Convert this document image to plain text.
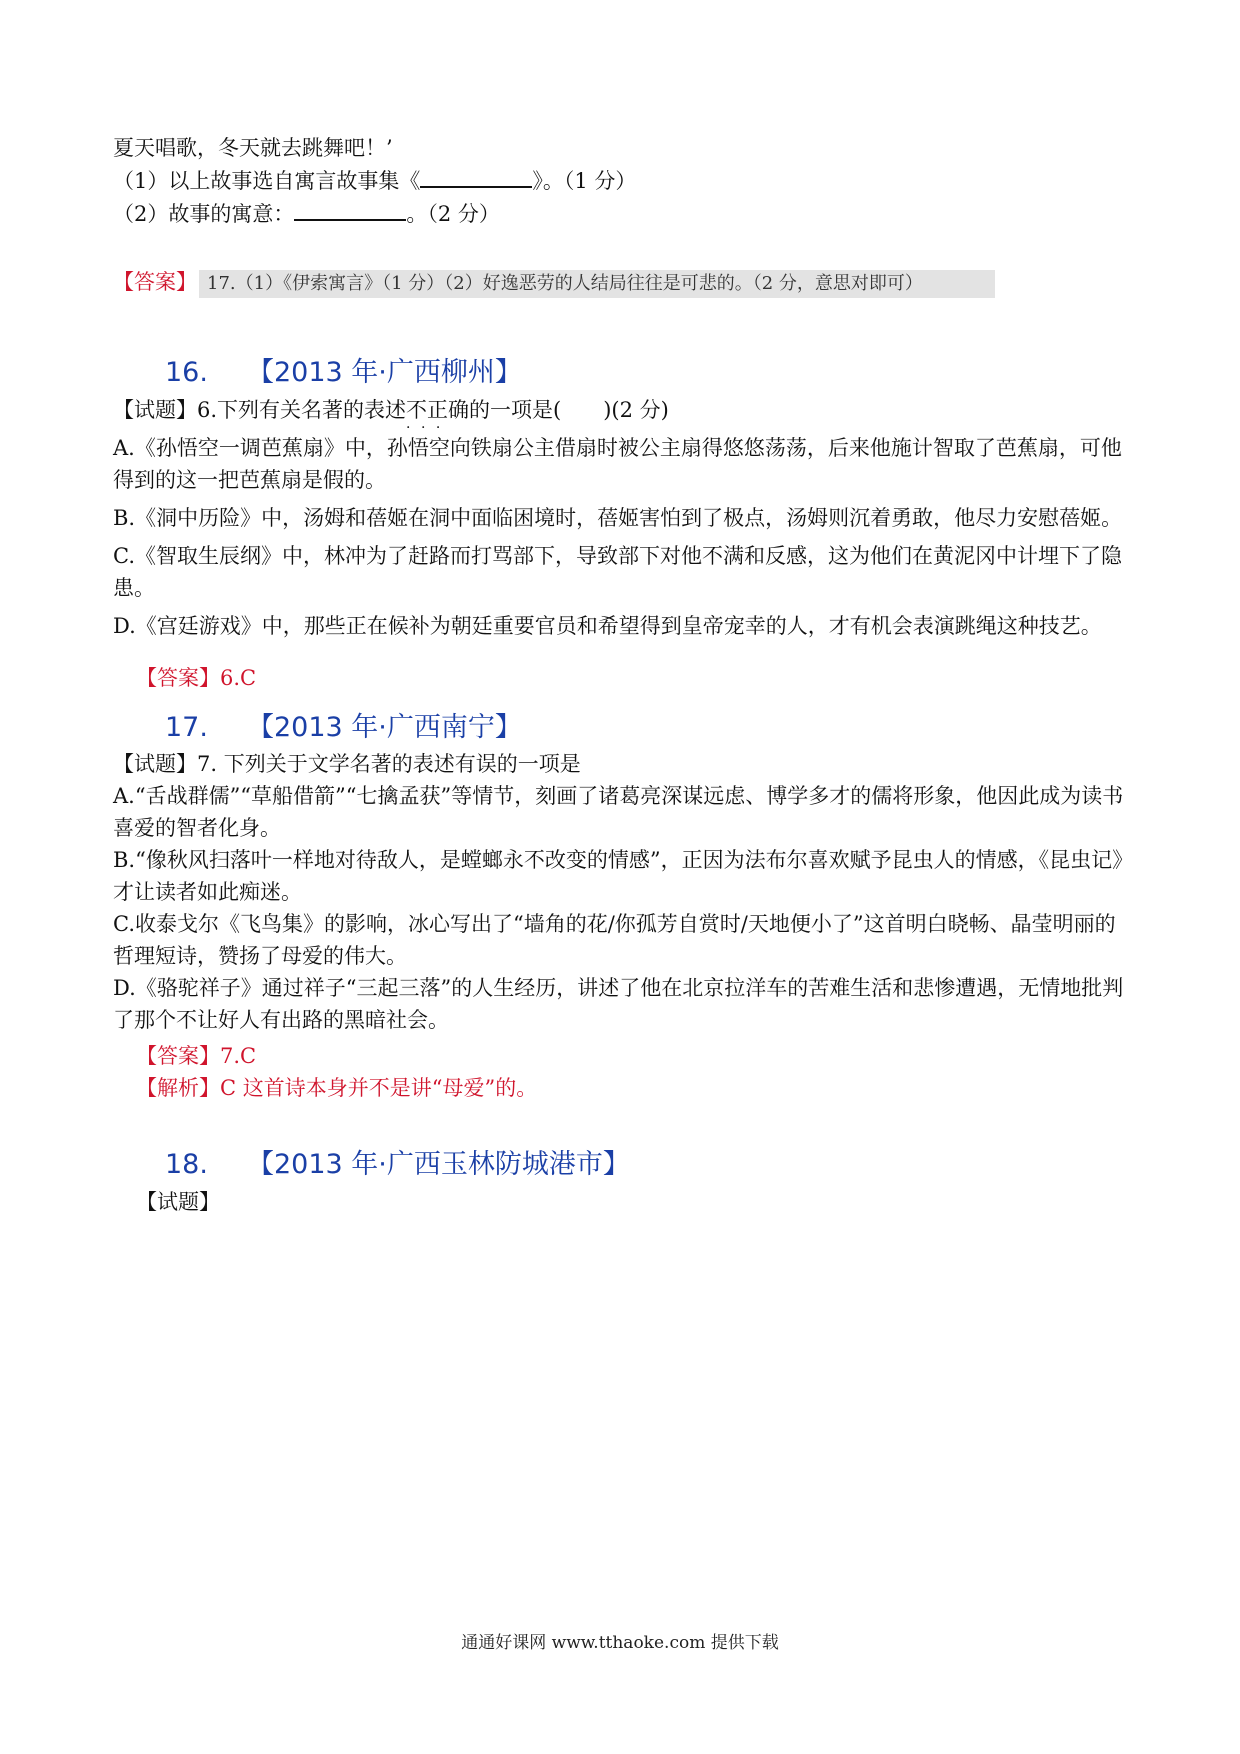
夏天唱歌，冬天就去跳舞吧！’
（1）以上故事选自寓言故事集《	》。（1 分）
（2）故事的寓意：	。（2 分）
【答案】 17.（1）《伊索寓言》（1 分）（2）好逸恶劳的人结局往往是可悲的。（2 分，意思对即可）
16. 【2013 年·广西柳州】
【试题】6.下列有关名著的表述不正确 · · ·的一项是(　　)(2 分)
A.《孙悟空一调芭蕉扇》中，孙悟空向铁扇公主借扇时被公主扇得悠悠荡荡，后来他施计智取了芭蕉扇，可他得到的这一把芭蕉扇是假的。
B.《洞中历险》中，汤姆和蓓姬在洞中面临困境时，蓓姬害怕到了极点，汤姆则沉着勇敢，他尽力安慰蓓姬。
C.《智取生辰纲》中，林冲为了赶路而打骂部下，导致部下对他不满和反感，这为他们在黄泥冈中计埋下了隐患。
D.《宫廷游戏》中，那些正在候补为朝廷重要官员和希望得到皇帝宠幸的人，才有机会表演跳绳这种技艺。
【答案】6.C
17. 【2013 年·广西南宁】
【试题】7. 下列关于文学名著的表述有误的一项是
A.“舌战群儒”“草船借箭”“七擒孟获”等情节，刻画了诸葛亮深谋远虑、博学多才的儒将形象，他因此成为读书喜爱的智者化身。
B.“像秋风扫落叶一样地对待敌人，是螳螂永不改变的情感”，正因为法布尔喜欢赋予昆虫人的情感，《昆虫记》才让读者如此痴迷。
C.收泰戈尔《飞鸟集》的影响，冰心写出了“墙角的花/你孤芳自赏时/天地便小了”这首明白晓畅、晶莹明丽的哲理短诗，赞扬了母爱的伟大。
D.《骆驼祥子》通过祥子“三起三落”的人生经历，讲述了他在北京拉洋车的苦难生活和悲惨遭遇，无情地批判了那个不让好人有出路的黑暗社会。
【答案】7.C
【解析】C 这首诗本身并不是讲“母爱”的。
18. 【2013 年·广西玉林防城港市】
【试题】
通通好课网 www.tthaoke.com 提供下载
